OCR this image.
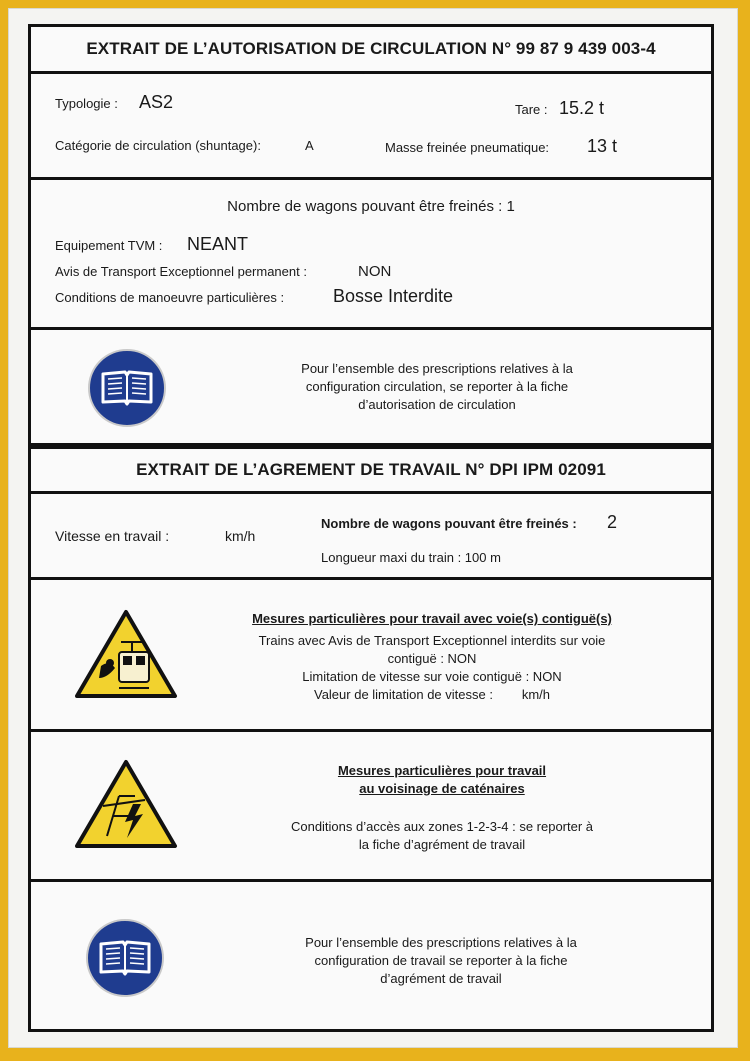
EXTRAIT DE L’AUTORISATION DE CIRCULATION N° 99 87 9 439 003-4
Typologie : AS2	Tare : 15.2 t
Catégorie de circulation (shuntage):	A	Masse freinée pneumatique: 13 t
Nombre de wagons pouvant être freinés : 1
Equipement TVM : NEANT
Avis de Transport Exceptionnel permanent :	NON
Conditions de manoeuvre particulières :	Bosse Interdite
Pour l’ensemble des prescriptions relatives à la
configuration circulation, se reporter à la fiche
d’autorisation de circulation
EXTRAIT DE L’AGREMENT DE TRAVAIL N° DPI IPM 02091
Vitesse en travail :	km/h
Nombre de wagons pouvant être freinés : 2
Longueur maxi du train : 100 m
Mesures particulières pour travail avec voie(s) contiguë(s)
Trains avec Avis de Transport Exceptionnel interdits sur voie
contiguë : NON
Limitation de vitesse sur voie contiguë : NON
Valeur de limitation de vitesse :        km/h
Mesures particulières pour travail
au voisinage de caténaires
Conditions d’accès aux zones 1-2-3-4 : se reporter à
la fiche d’agrément de travail
Pour l’ensemble des prescriptions relatives à la
configuration de travail se reporter à la fiche
d’agrément de travail
